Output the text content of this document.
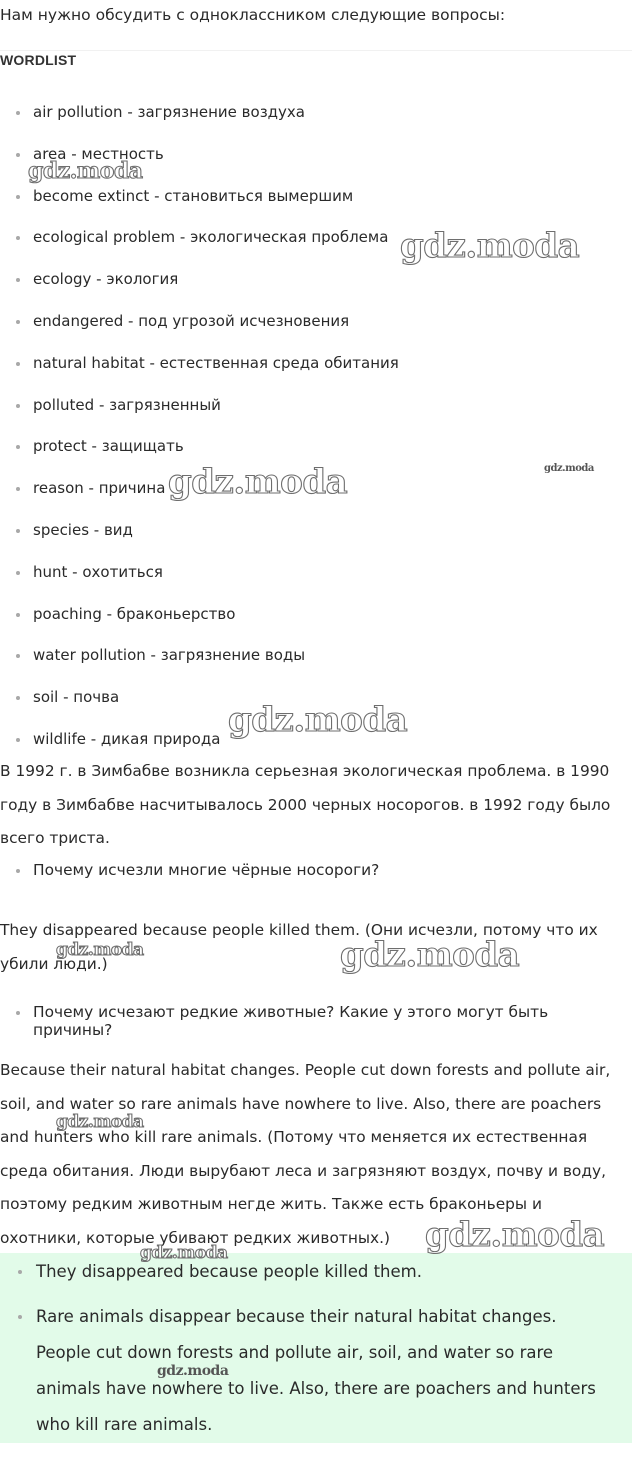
Нам нужно обсудить с одноклассником следующие вопросы:
WORDLIST
air pollution - загрязнение воздуха
area - местность
become extinct - становиться вымершим
ecological problem - экологическая проблема
ecology - экология
endangered - под угрозой исчезновения
natural habitat - естественная среда обитания
polluted - загрязненный
protect - защищать
reason - причина
species - вид
hunt - охотиться
poaching - браконьерство
water pollution - загрязнение воды
soil - почва
wildlife - дикая природа

В 1992 г. в Зимбабве возникла серьезная экологическая проблема. в 1990 году в Зимбабве насчитывалось 2000 черных носорогов. в 1992 году было всего триста.

Почему исчезли многие чёрные носороги?

They disappeared because people killed them. (Они исчезли, потому что их убили люди.)

Почему исчезают редкие животные? Какие у этого могут быть причины?

Because their natural habitat changes. People cut down forests and pollute air, soil, and water so rare animals have nowhere to live. Also, there are poachers and hunters who kill rare animals. (Потому что меняется их естественная среда обитания. Люди вырубают леса и загрязняют воздух, почву и воду, поэтому редким животным негде жить. Также есть браконьеры и охотники, которые убивают редких животных.)

They disappeared because people killed them.
Rare animals disappear because their natural habitat changes. People cut down forests and pollute air, soil, and water so rare animals have nowhere to live. Also, there are poachers and hunters who kill rare animals.
gdz.moda
gdz.moda
gdz.moda
gdz.moda
gdz.moda
gdz.moda	gdz.moda
gdz.moda
gdz.moda
gdz.moda
gdz.moda
